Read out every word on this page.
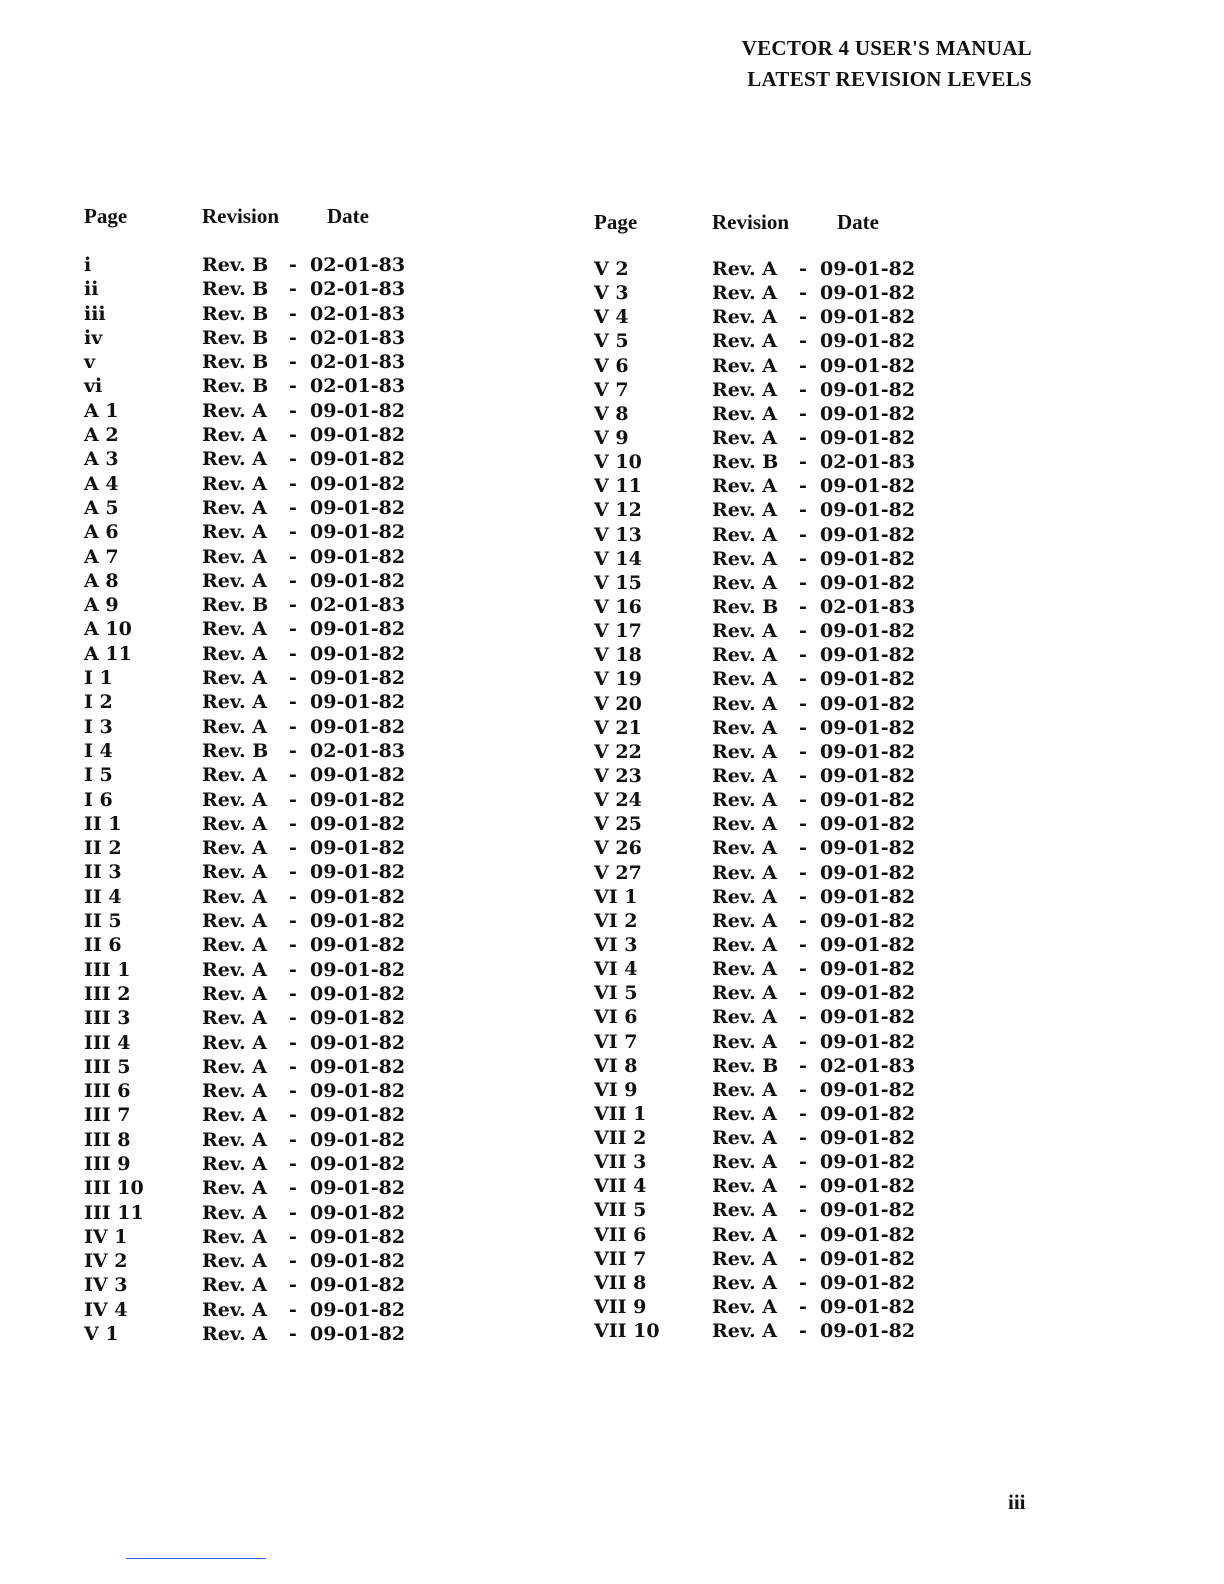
VECTOR 4 USER'S MANUAL
LATEST REVISION LEVELS
Page	Revision Date
i	Rev. B - 02-01-83
ii	Rev. B - 02-01-83
iii	Rev. B - 02-01-83
iv	Rev. B - 02-01-83
v	Rev. B - 02-01-83
vi	Rev. B - 02-01-83
A 1	Rev. A - 09-01-82
A 2	Rev. A - 09-01-82
A 3	Rev. A - 09-01-82
A 4	Rev. A - 09-01-82
A 5	Rev. A - 09-01-82
A 6	Rev. A - 09-01-82
A 7	Rev. A - 09-01-82
A 8	Rev. A - 09-01-82
A 9	Rev. B - 02-01-83
A 10	Rev. A - 09-01-82
A 11	Rev. A - 09-01-82
I 1	Rev. A - 09-01-82
I 2	Rev. A - 09-01-82
I 3	Rev. A - 09-01-82
I 4	Rev. B - 02-01-83
I 5	Rev. A - 09-01-82
I 6	Rev. A - 09-01-82
II 1	Rev. A - 09-01-82
II 2	Rev. A - 09-01-82
II 3	Rev. A - 09-01-82
II 4	Rev. A - 09-01-82
II 5	Rev. A - 09-01-82
II 6	Rev. A - 09-01-82
III 1	Rev. A - 09-01-82
III 2	Rev. A - 09-01-82
III 3	Rev. A - 09-01-82
III 4	Rev. A - 09-01-82
III 5	Rev. A - 09-01-82
III 6	Rev. A - 09-01-82
III 7	Rev. A - 09-01-82
III 8	Rev. A - 09-01-82
III 9	Rev. A - 09-01-82
III 10	Rev. A - 09-01-82
III 11	Rev. A - 09-01-82
IV 1	Rev. A - 09-01-82
IV 2	Rev. A - 09-01-82
IV 3	Rev. A - 09-01-82
IV 4	Rev. A - 09-01-82
V 1	Rev. A - 09-01-82
Page	Revision Date
V 2	Rev. A - 09-01-82
V 3	Rev. A - 09-01-82
V 4	Rev. A - 09-01-82
V 5	Rev. A - 09-01-82
V 6	Rev. A - 09-01-82
V 7	Rev. A - 09-01-82
V 8	Rev. A - 09-01-82
V 9	Rev. A - 09-01-82
V 10	Rev. B - 02-01-83
V 11	Rev. A - 09-01-82
V 12	Rev. A - 09-01-82
V 13	Rev. A - 09-01-82
V 14	Rev. A - 09-01-82
V 15	Rev. A - 09-01-82
V 16	Rev. B - 02-01-83
V 17	Rev. A - 09-01-82
V 18	Rev. A - 09-01-82
V 19	Rev. A - 09-01-82
V 20	Rev. A - 09-01-82
V 21	Rev. A - 09-01-82
V 22	Rev. A - 09-01-82
V 23	Rev. A - 09-01-82
V 24	Rev. A - 09-01-82
V 25	Rev. A - 09-01-82
V 26	Rev. A - 09-01-82
V 27	Rev. A - 09-01-82
VI 1	Rev. A - 09-01-82
VI 2	Rev. A - 09-01-82
VI 3	Rev. A - 09-01-82
VI 4	Rev. A - 09-01-82
VI 5	Rev. A - 09-01-82
VI 6	Rev. A - 09-01-82
VI 7	Rev. A - 09-01-82
VI 8	Rev. B - 02-01-83
VI 9	Rev. A - 09-01-82
VII 1	Rev. A - 09-01-82
VII 2	Rev. A - 09-01-82
VII 3	Rev. A - 09-01-82
VII 4	Rev. A - 09-01-82
VII 5	Rev. A - 09-01-82
VII 6	Rev. A - 09-01-82
VII 7	Rev. A - 09-01-82
VII 8	Rev. A - 09-01-82
VII 9	Rev. A - 09-01-82
VII 10	Rev. A - 09-01-82
iii
